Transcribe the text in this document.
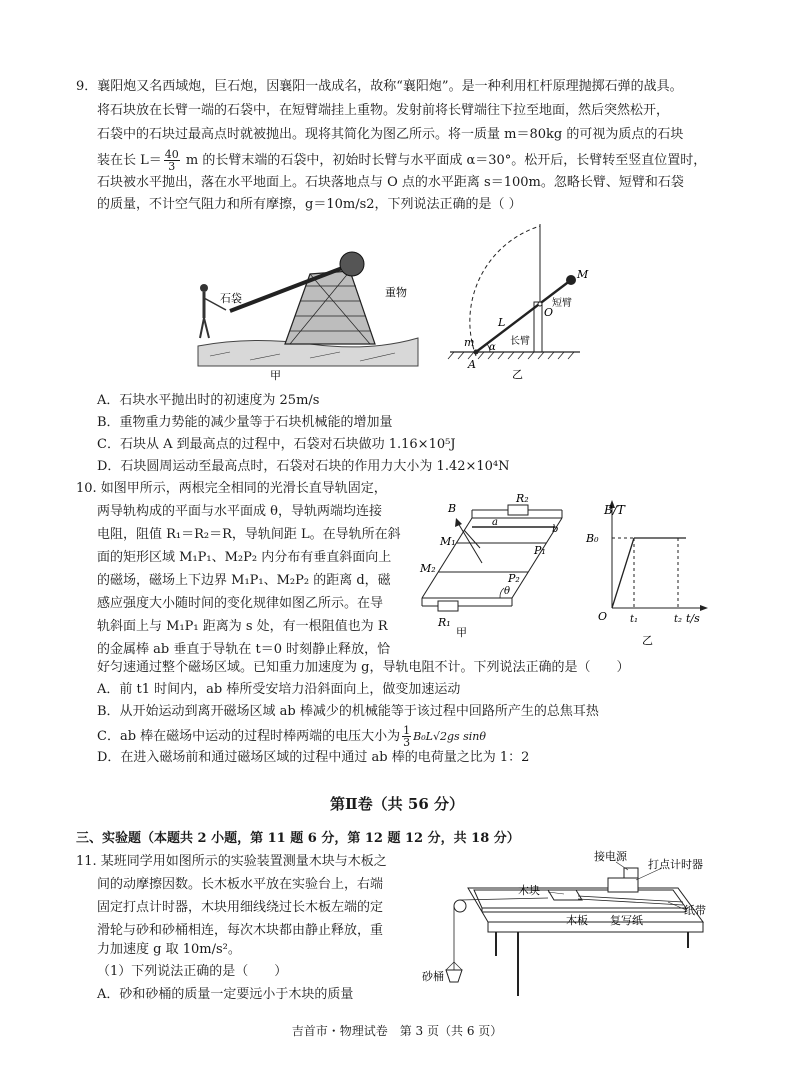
9．襄阳炮又名西域炮，巨石炮，因襄阳一战成名，故称“襄阳炮”。是一种利用杠杆原理抛掷石弹的战具。
将石块放在长臂一端的石袋中，在短臂端挂上重物。发射前将长臂端往下拉至地面，然后突然松开，
石袋中的石块过最高点时就被抛出。现将其简化为图乙所示。将一质量 m＝80kg 的可视为质点的石块
装在长 $L= \frac{40}{3}$ m 的长臂末端的石袋中，初始时长臂与水平面成 α＝30°。松开后，长臂转至竖直位置时，
石块被水平抛出，落在水平地面上。石块落地点与 O 点的水平距离 s＝100m。忽略长臂、短臂和石袋
的质量，不计空气阻力和所有摩擦，g＝10m/s2，下列说法正确的是（ ）
石袋	重物
甲
M
O
短臂
L
长臂
m α
A
乙
A．石块水平抛出时的初速度为 25m/s
B．重物重力势能的减少量等于石块机械能的增加量
C．石块从 A 到最高点的过程中，石袋对石块做功 1.16×10⁵J
D．石块圆周运动至最高点时，石袋对石块的作用力大小为 1.42×10⁴N
10. 如图甲所示，两根完全相同的光滑长直导轨固定，
两导轨构成的平面与水平面成 θ，导轨两端均连接
电阻，阻值 R₁＝R₂＝R，导轨间距 L。在导轨所在斜
面的矩形区域 M₁P₁、M₂P₂ 内分布有垂直斜面向上
的磁场，磁场上下边界 M₁P₁、M₂P₂ 的距离 d，磁
感应强度大小随时间的变化规律如图乙所示。在导
轨斜面上与 M₁P₁ 距离为 s 处，有一根阻值也为 R
的金属棒 ab 垂直于导轨在 t＝0 时刻静止释放，恰
好匀速通过整个磁场区域。已知重力加速度为 g，导轨电阻不计。下列说法正确的是（　　）
B
R₂
a
b
M₁
P₁
M₂
P₂
θ
R₁
甲
B/T
B₀
O t₁	t₂ t/s
乙
A．前 t1 时间内，ab 棒所受安培力沿斜面向上，做变加速运动
B．从开始运动到离开磁场区域 ab 棒减少的机械能等于该过程中回路所产生的总焦耳热
C．ab 棒在磁场中运动的过程时棒两端的电压大小为 $\frac{1}{3} B_0L√2gs$ sinθ
D．在进入磁场前和通过磁场区域的过程中通过 ab 棒的电荷量之比为 1：2
第Ⅱ卷（共 56 分）
三、实验题（本题共 2 小题，第 11 题 6 分，第 12 题 12 分，共 18 分）
11. 某班同学用如图所示的实验装置测量木块与木板之
间的动摩擦因数。长木板水平放在实验台上，右端
固定打点计时器，木块用细线绕过长木板左端的定
滑轮与砂和砂桶相连，每次木块都由静止释放，重
力加速度 g 取 10m/s²。
（1）下列说法正确的是（　　）
A．砂和砂桶的质量一定要远小于木块的质量
接电源
打点计时器
木块
纸带
木板 复写纸
砂桶
吉首市・物理试卷　第 3 页（共 6 页）
